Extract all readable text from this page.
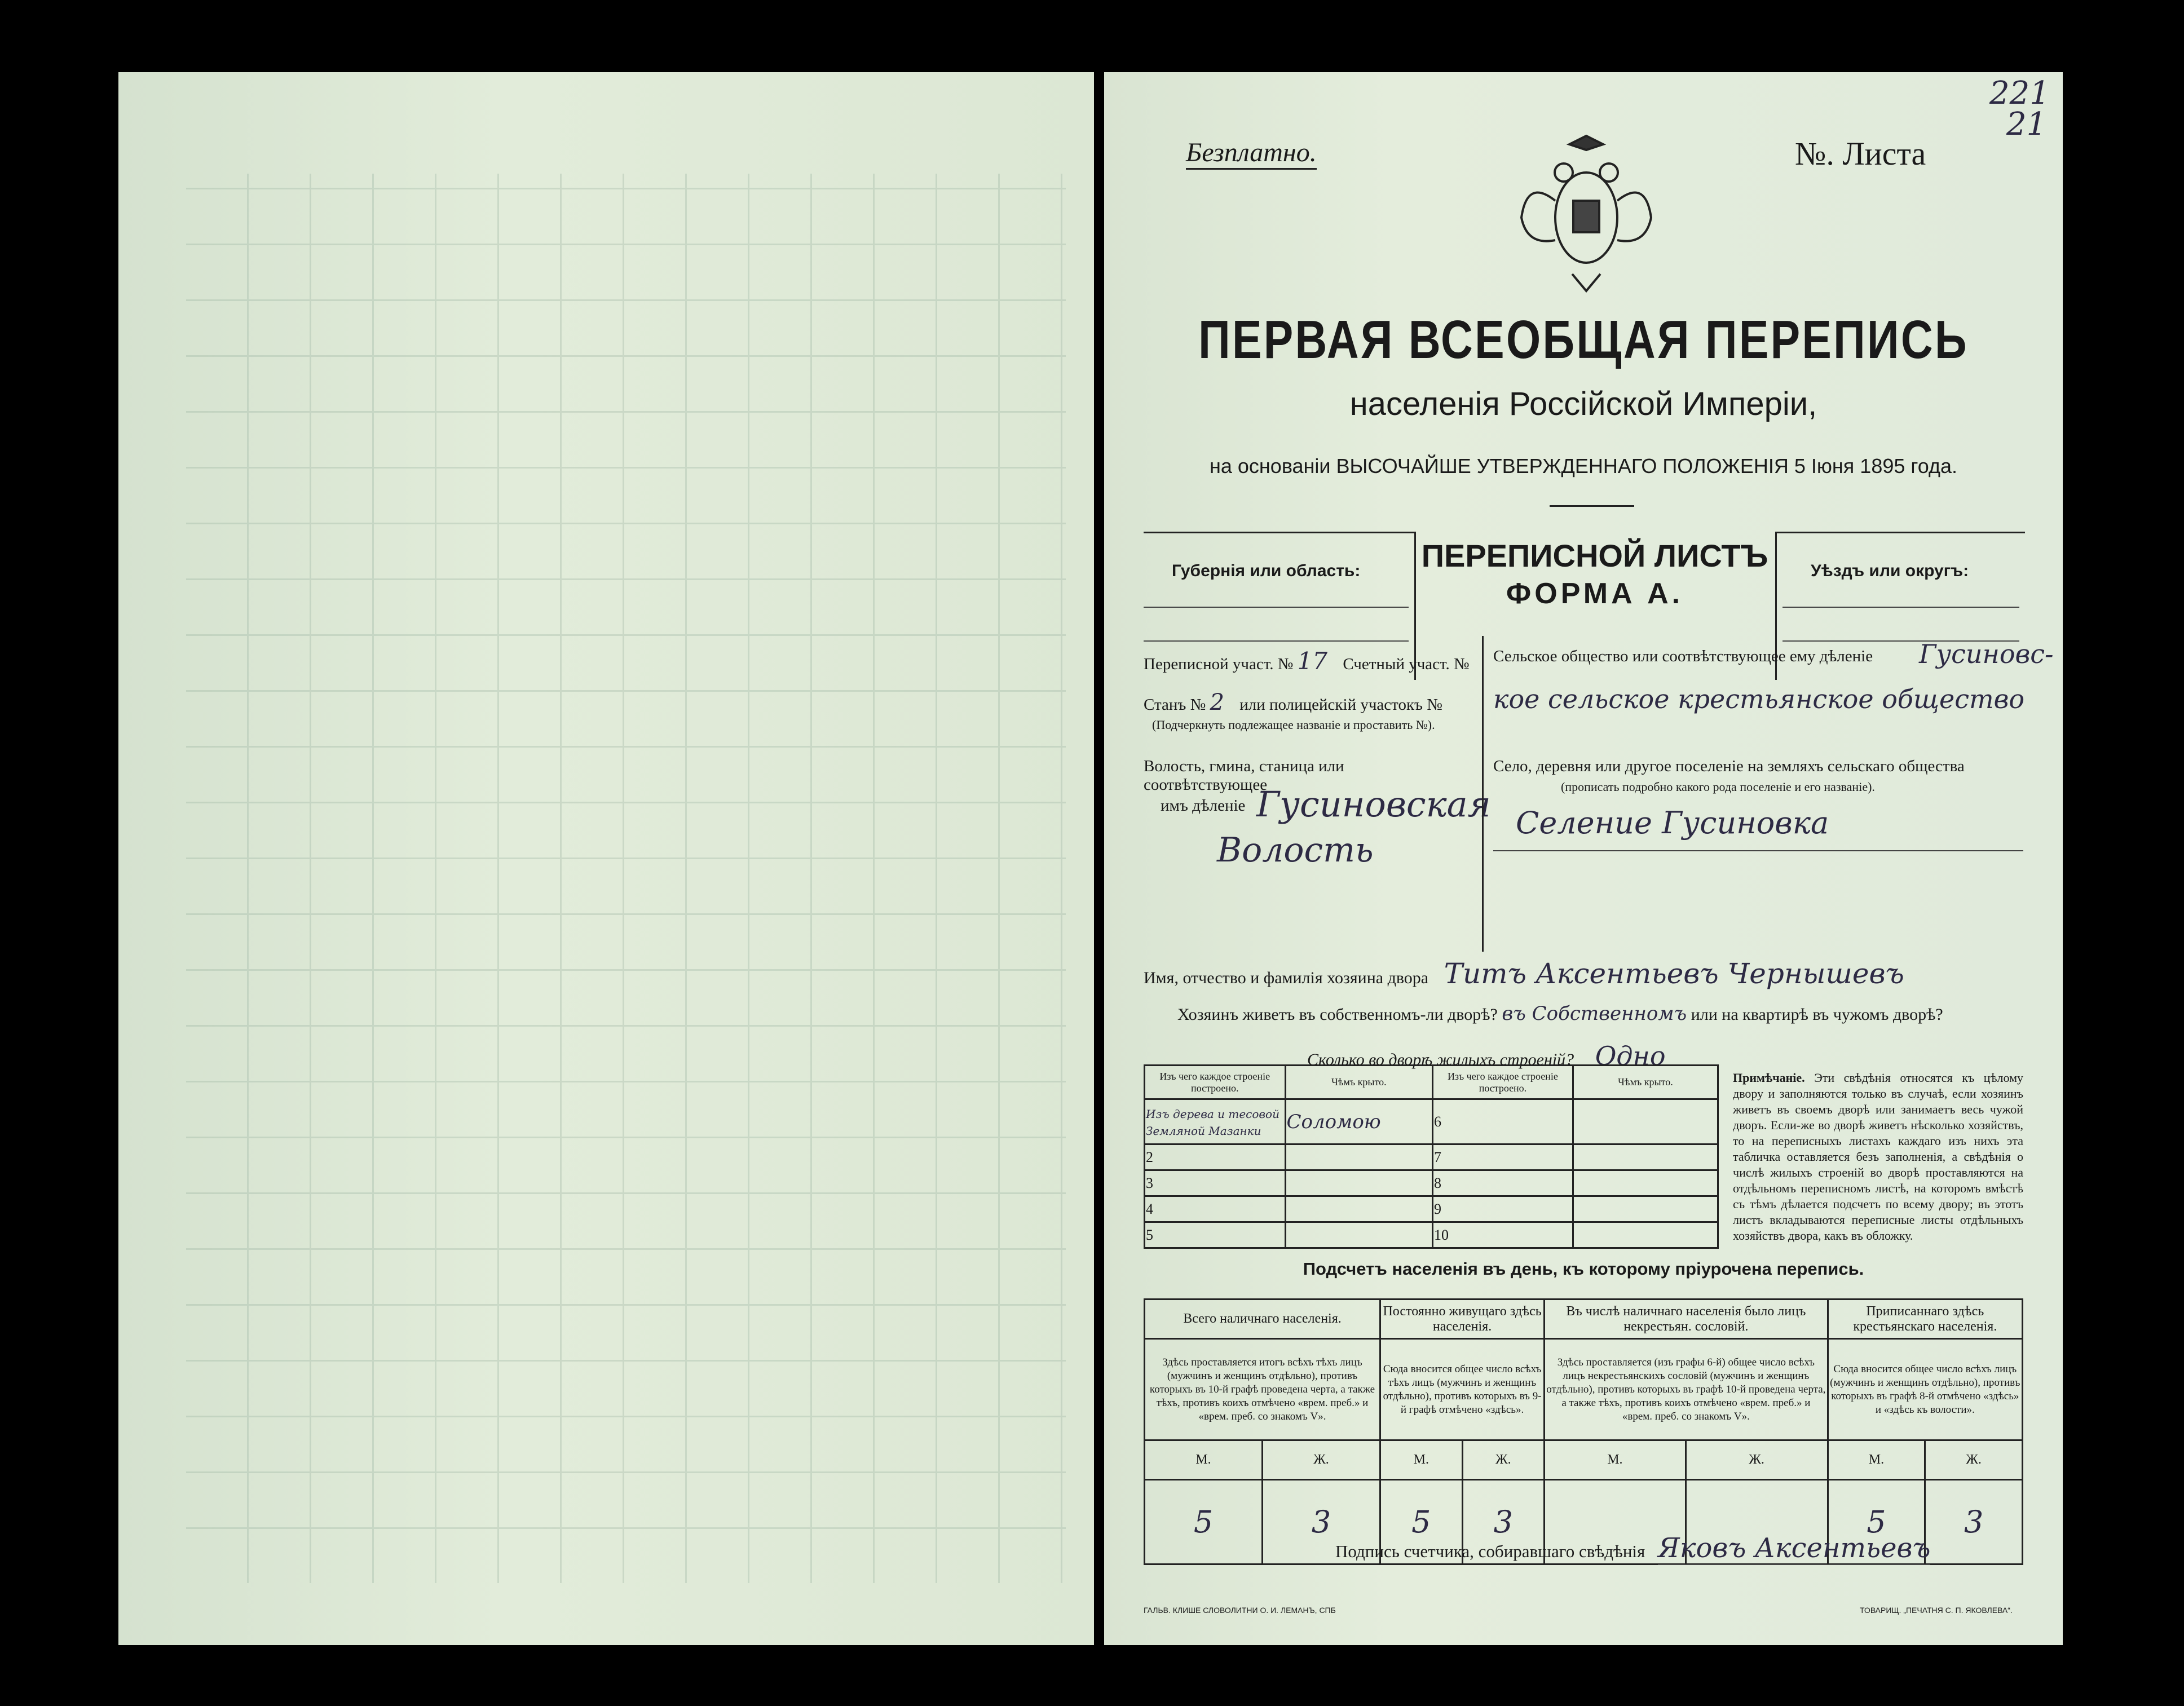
Безплатно.	№. Листа
221
21
ПЕРВАЯ ВСЕОБЩАЯ ПЕРЕПИСЬ
населенія Россійской Имперіи,
на основаніи ВЫСОЧАЙШЕ УТВЕРЖДЕННАГО ПОЛОЖЕНІЯ 5 Іюня 1895 года.
Губернія или область: ПЕРЕПИСНОЙ ЛИСТЪ
ФОРМА А.
Уѣздъ или округъ:
Переписной участ. № 17 Счетный участ. №
Станъ № 2 или полицейскій участокъ №
(Подчеркнуть подлежащее названіе и проставить №).
Волость, гмина, станица или соотвѣтствующее
имъ дѣленіе Гусиновская
Волость
Сельское общество или соотвѣтствующее ему дѣленіе Гусиновс-
кое сельское крестьянское общество
Село, деревня или другое поселеніе на земляхъ сельскаго общества
(прописать подробно какого рода поселеніе и его названіе).
Селение Гусиновка
Имя, отчество и фамилія хозяина двора Титъ Аксентьевъ Чернышевъ
Хозяинъ живетъ въ собственномъ-ли дворѣ? въ Собственномъ или на квартирѣ въ чужомъ дворѣ?
Сколько во дворѣ жилыхъ строеній? Одно
Изъ чего каждое строеніе построено.	Чѣмъ крыто.	Изъ чего каждое строеніе построено.	Чѣмъ крыто.
Изъ дерева и тесовой Земляной Мазанки	Соломою	6	
2		7	
3		8	
4		9	
5		10	
Примѣчаніе. Эти свѣдѣнія относятся къ цѣлому двору и заполняются только въ случаѣ, если хозяинъ живетъ въ своемъ дворѣ или занимаетъ весь чужой дворъ. Если-же во дворѣ живетъ нѣсколько хозяйствъ, то на переписныхъ листахъ каждаго изъ нихъ эта табличка оставляется безъ заполненія, а свѣдѣнія о числѣ жилыхъ строеній во дворѣ проставляются на отдѣльномъ переписномъ листѣ, на которомъ вмѣстѣ съ тѣмъ дѣлается подсчетъ по всему двору; въ этотъ листъ вкладываются переписные листы отдѣльныхъ хозяйствъ двора, какъ въ обложку.
Подсчетъ населенія въ день, къ которому пріурочена перепись.
Всего наличнаго населенія.		Постоянно живущаго здѣсь населенія.		Въ числѣ наличнаго населенія было лицъ некрестьян. сословій.		Приписаннаго здѣсь крестьянскаго населенія.	
Здѣсь проставляется итогъ всѣхъ тѣхъ лицъ (мужчинъ и женщинъ отдѣльно), противъ которыхъ въ 10-й графѣ проведена черта, а также тѣхъ, противъ коихъ отмѣчено «врем. преб.» и «врем. преб. со знакомъ V».		Сюда вносится общее число всѣхъ тѣхъ лицъ (мужчинъ и женщинъ отдѣльно), противъ которыхъ въ 9-й графѣ отмѣчено «здѣсь».		Здѣсь проставляется (изъ графы 6-й) общее число всѣхъ лицъ некрестьянскихъ сословій (мужчинъ и женщинъ отдѣльно), противъ которыхъ въ графѣ 10-й проведена черта, а также тѣхъ, противъ коихъ отмѣчено «врем. преб.» и «врем. преб. со знакомъ V».		Сюда вносится общее число всѣхъ лицъ (мужчинъ и женщинъ отдѣльно), противъ которыхъ въ графѣ 8-й отмѣчено «здѣсь» и «здѣсь къ волости».	
М.	Ж.	М.	Ж.	М.	Ж.	М.	Ж.
5	3	5	3			5	3
Подпись счетчика, собиравшаго свѣдѣнія Яковъ Аксентьевъ
ГАЛЬВ. КЛИШЕ СЛОВОЛИТНИ О. И. ЛЕМАНЪ, СПБ	ТОВАРИЩ. „ПЕЧАТНЯ С. П. ЯКОВЛЕВА“.
